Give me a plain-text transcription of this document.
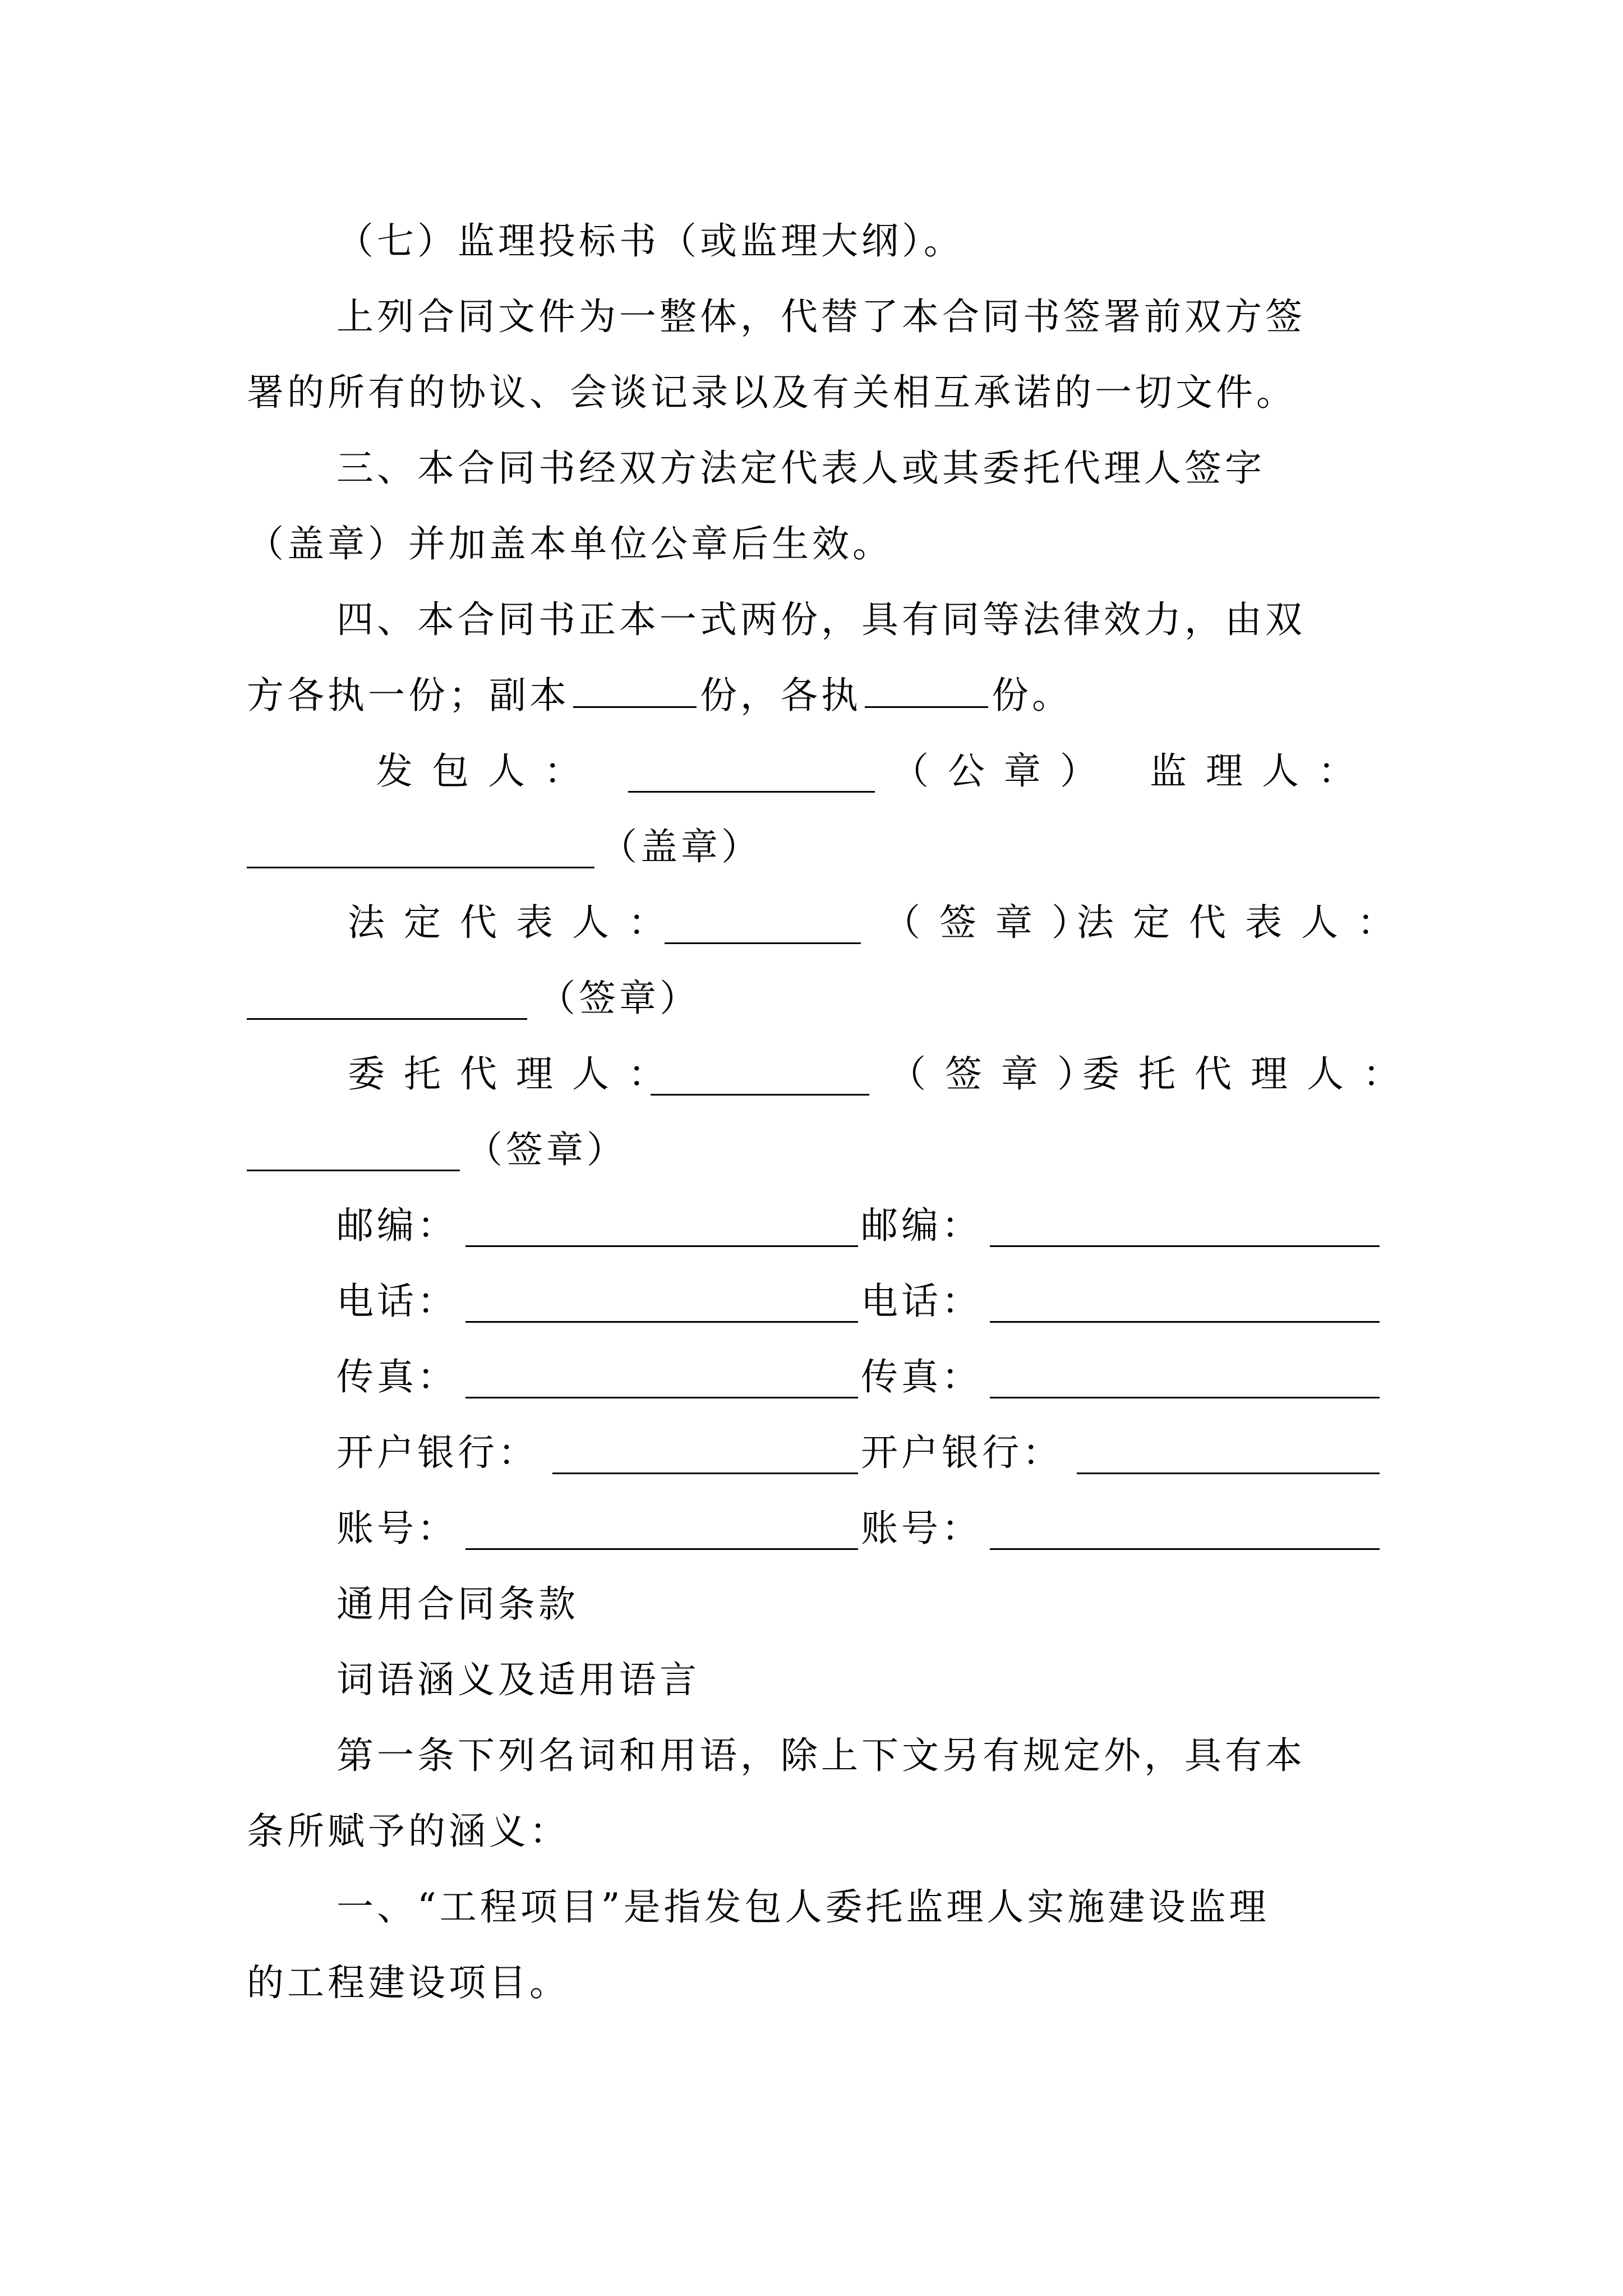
（七）监理投标书（或监理大纲）。
上列合同文件为一整体，代替了本合同书签署前双方签
署的所有的协议、会谈记录以及有关相互承诺的一切文件。
三、本合同书经双方法定代表人或其委托代理人签字
（盖章）并加盖本单位公章后生效。
四、本合同书正本一式两份，具有同等法律效力，由双
方各执一份；副本	份，各执	份。
发包人：	（公章） 监理人：
（盖章）
法定代表人：	（签章）
法定代表人：
（签章）
委托代理人：	（签章）
委托代理人：
（签章）
邮编：	邮编：
电话：	电话：
传真：	传真：
开户银行：	开户银行：
账号：	账号：
通用合同条款
词语涵义及适用语言
第一条下列名词和用语，除上下文另有规定外，具有本
条所赋予的涵义：
一、“工程项目”是指发包人委托监理人实施建设监理
的工程建设项目。
